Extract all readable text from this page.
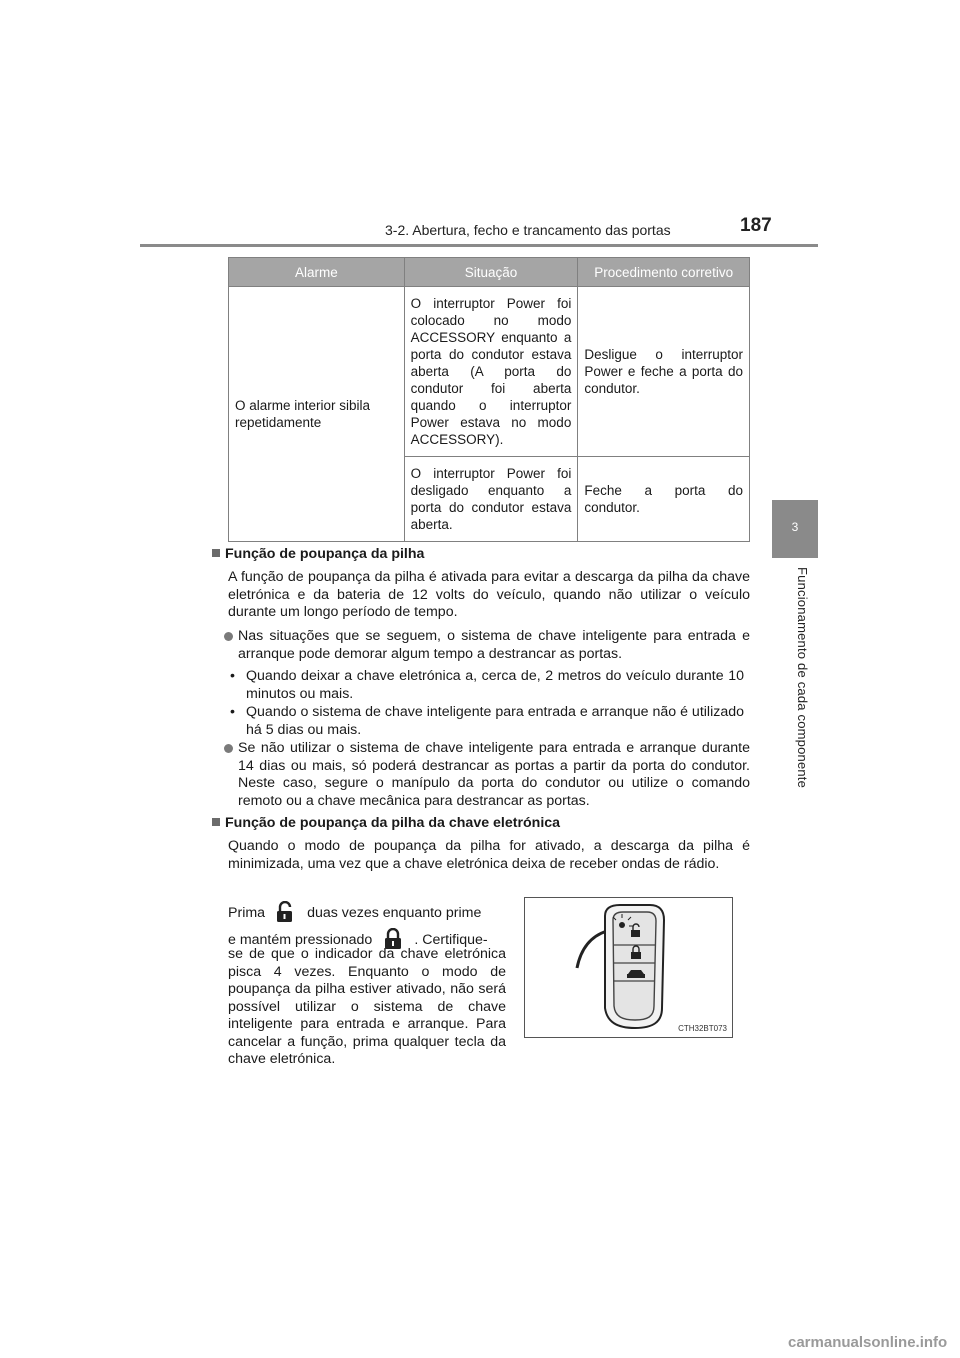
3-2. Abertura, fecho e trancamento das portas	187
3
Funcionamento de cada componente
Alarme	Situação	Procedimento corretivo
O alarme interior sibila repetidamente	O interruptor Power foi colocado no modo ACCESSORY enquanto a porta do condutor estava aberta (A porta do condutor foi aberta quando o interruptor Power estava no modo ACCESSORY).	Desligue o interruptor Power e feche a porta do condutor.
	O interruptor Power foi desligado enquanto a porta do condutor estava aberta.	Feche a porta do condutor.
Função de poupança da pilha
A função de poupança da pilha é ativada para evitar a descarga da pilha da chave eletrónica e da bateria de 12 volts do veículo, quando não utilizar o veículo durante um longo período de tempo.
Nas situações que se seguem, o sistema de chave inteligente para entrada e arranque pode demorar algum tempo a destrancar as portas.
• Quando deixar a chave eletrónica a, cerca de, 2 metros do veículo durante 10 minutos ou mais.
• Quando o sistema de chave inteligente para entrada e arranque não é utilizado há 5 dias ou mais.
Se não utilizar o sistema de chave inteligente para entrada e arranque durante 14 dias ou mais, só poderá destrancar as portas a partir da porta do condutor. Neste caso, segure o manípulo da porta do condutor ou utilize o comando remoto ou a chave mecânica para destrancar as portas.
Função de poupança da pilha da chave eletrónica
Quando o modo de poupança da pilha for ativado, a descarga da pilha é minimizada, uma vez que a chave eletrónica deixa de receber ondas de rádio.
Prima	duas vezes enquanto prime
e mantém pressionado	. Certifique-
se de que o indicador da chave eletrónica pisca 4 vezes. Enquanto o modo de poupança da pilha estiver ativado, não será possível utilizar o sistema de chave inteligente para entrada e arranque. Para cancelar a função, prima qualquer tecla da chave eletrónica.
CTH32BT073
carmanualsonline.info
